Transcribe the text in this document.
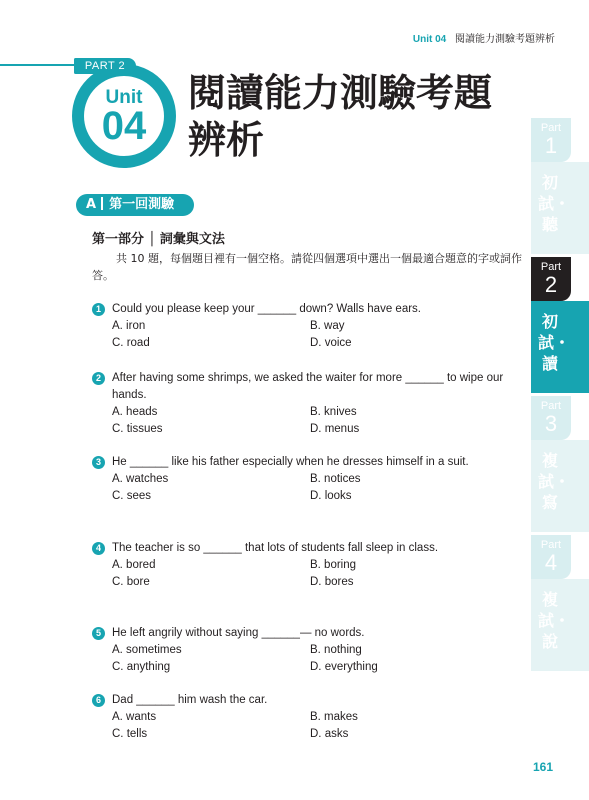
Unit 04 閱讀能力測驗考題辨析
Unit
04
PART 2
閱讀能力測驗考題辨析	Part
1
初試・聽
Part
2
初試・讀
Part
3
複試・寫
Part
4
複試・說
A 第一回測驗
第一部分 │ 詞彙與文法
共 10 題，每個題目裡有一個空格。請從四個選項中選出一個最適合題意的字或詞作答。
1 Could you please keep your ______ down? Walls have ears.
A. iron	B. way
C. road	D. voice
2 After having some shrimps, we asked the waiter for more ______ to wipe our hands.
A. heads	B. knives
C. tissues	D. menus
3 He ______ like his father especially when he dresses himself in a suit.
A. watches	B. notices
C. sees	D. looks
4 The teacher is so ______ that lots of students fall sleep in class.
A. bored	B. boring
C. bore	D. bores
5 He left angrily without saying ______— no words.
A. sometimes	B. nothing
C. anything	D. everything
6 Dad ______ him wash the car.
A. wants	B. makes
C. tells	D. asks
161
